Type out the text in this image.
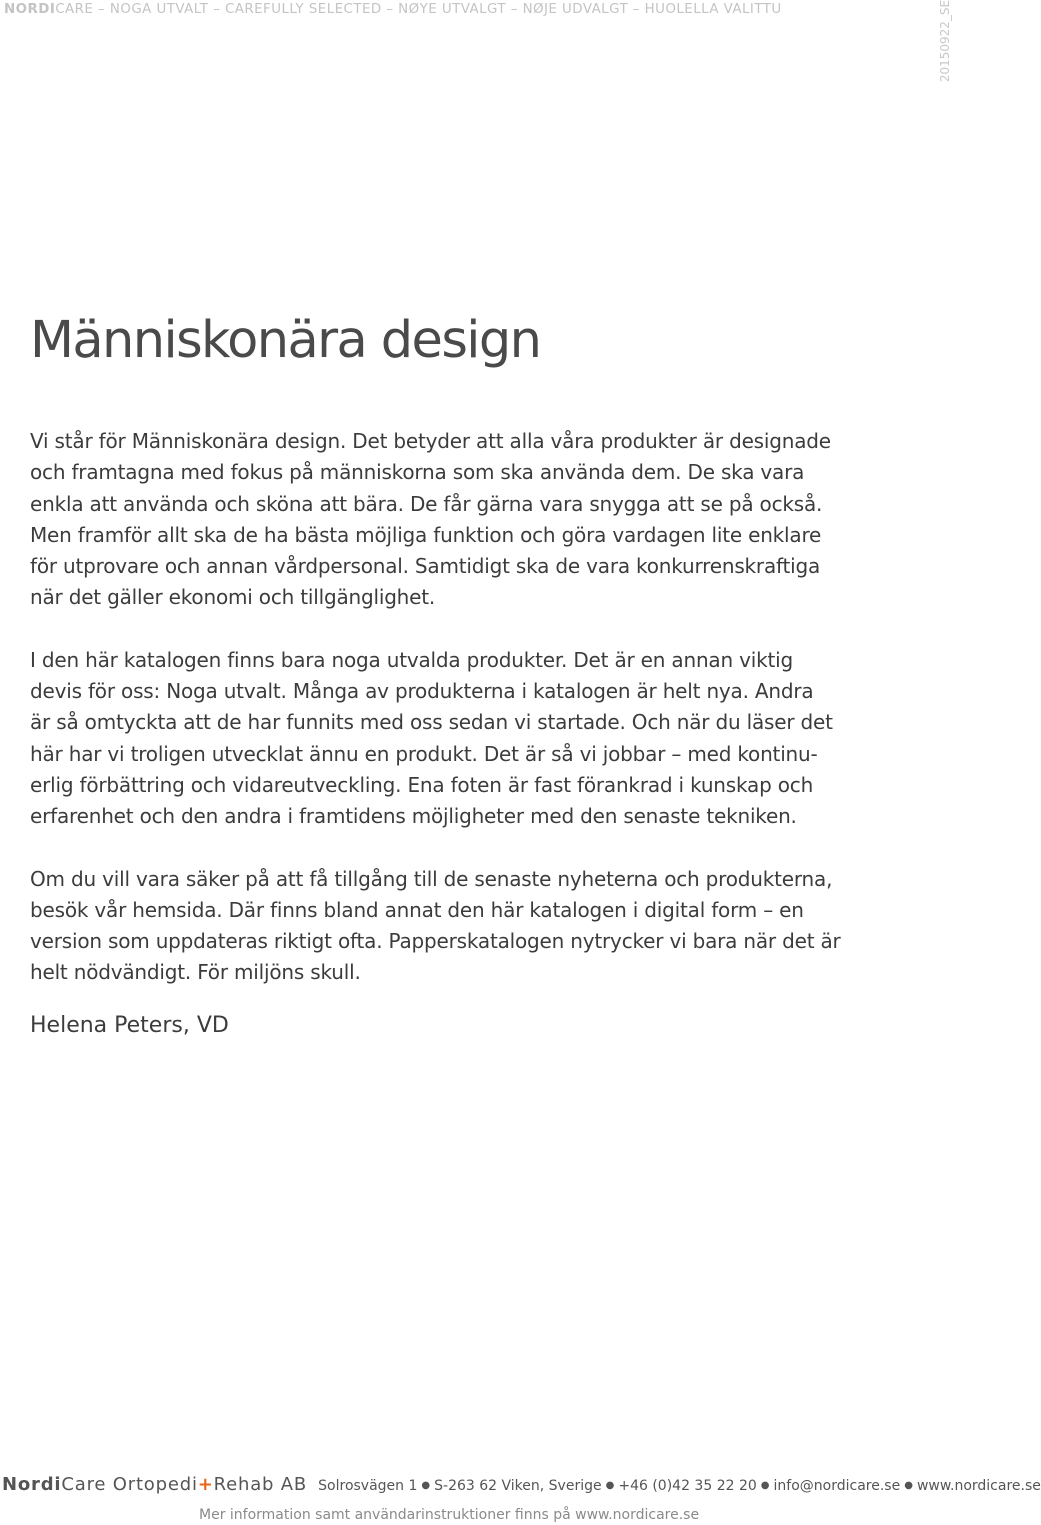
NORDICARE – NOGA UTVALT – CAREFULLY SELECTED – NØYE UTVALGT – NØJE UDVALGT – HUOLELLA VALITTU	20150922_SE
Människonära design

Vi står för Människonära design. Det betyder att alla våra produkter är designade
och framtagna med fokus på människorna som ska använda dem. De ska vara
enkla att använda och sköna att bära. De får gärna vara snygga att se på också.
Men framför allt ska de ha bästa möjliga funktion och göra vardagen lite enklare
för utprovare och annan vårdpersonal. Samtidigt ska de vara konkurrenskraftiga
när det gäller ekonomi och tillgänglighet.

I den här katalogen finns bara noga utvalda produkter. Det är en annan viktig
devis för oss: Noga utvalt. Många av produkterna i katalogen är helt nya. Andra
är så omtyckta att de har funnits med oss sedan vi startade. Och när du läser det
här har vi troligen utvecklat ännu en produkt. Det är så vi jobbar – med kontinu-
erlig förbättring och vidareutveckling. Ena foten är fast förankrad i kunskap och
erfarenhet och den andra i framtidens möjligheter med den senaste tekniken.

Om du vill vara säker på att få tillgång till de senaste nyheterna och produkterna,
besök vår hemsida. Där finns bland annat den här katalogen i digital form – en
version som uppdateras riktigt ofta. Papperskatalogen nytrycker vi bara när det är
helt nödvändigt. För miljöns skull.

Helena Peters, VD
NordiCare Ortopedi+Rehab AB Solrosvägen 1 ● S-263 62 Viken, Sverige ● +46 (0)42 35 22 20 ● info@nordicare.se ● www.nordicare.se
Mer information samt användarinstruktioner finns på www.nordicare.se
